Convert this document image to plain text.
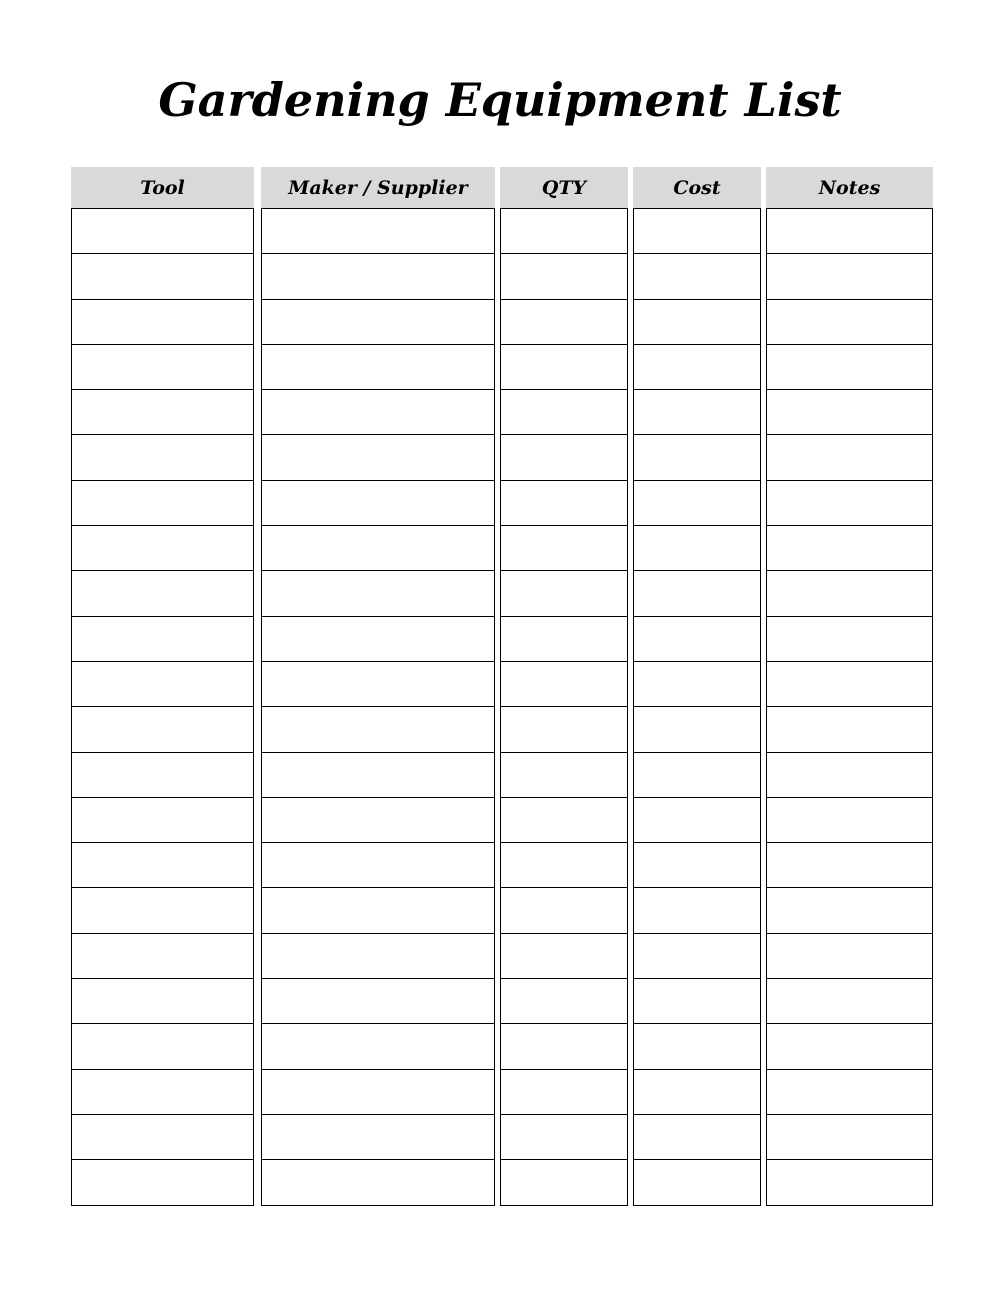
Gardening Equipment List
Tool	Maker / Supplier	QTY	Cost	Notes
